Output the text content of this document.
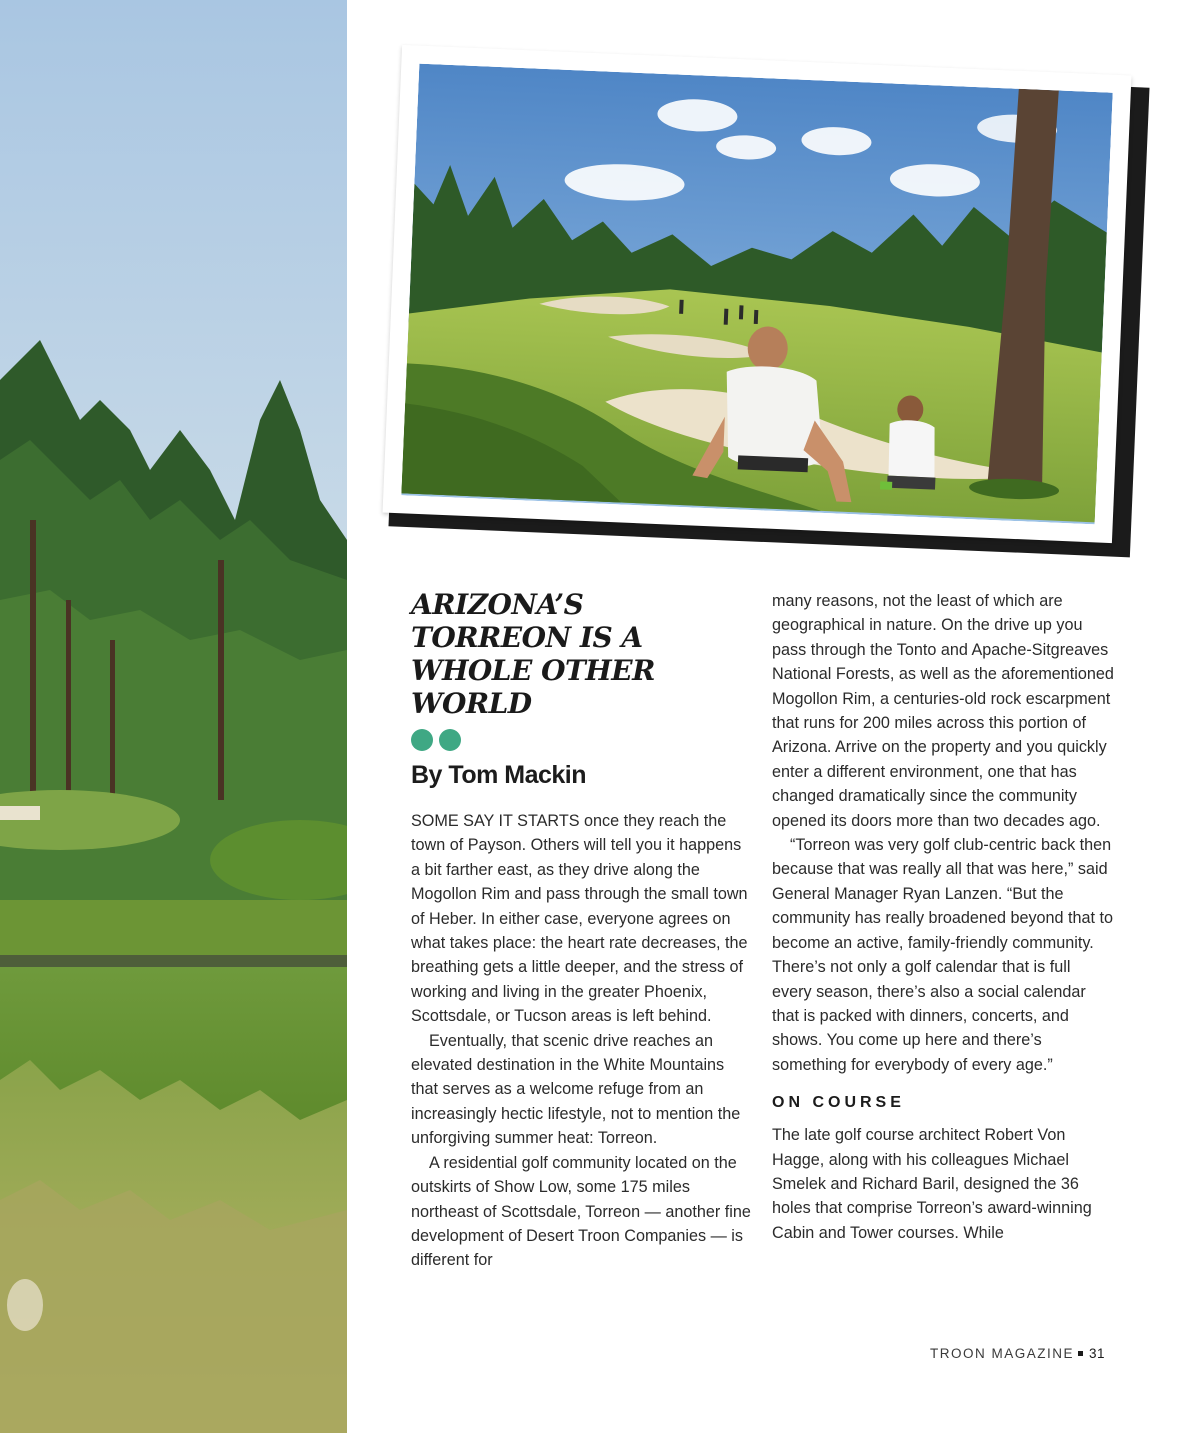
ARIZONA’S TORREON IS A WHOLE OTHER WORLD

By Tom Mackin

SOME SAY IT STARTS once they reach the town of Payson. Others will tell you it happens a bit farther east, as they drive along the Mogollon Rim and pass through the small town of Heber. In either case, everyone agrees on what takes place: the heart rate decreases, the breathing gets a little deeper, and the stress of working and living in the greater Phoenix, Scottsdale, or Tucson areas is left behind.

Eventually, that scenic drive reaches an elevated destination in the White Mountains that serves as a welcome refuge from an increasingly hectic lifestyle, not to mention the unforgiving summer heat: Torreon.

A residential golf community located on the outskirts of Show Low, some 175 miles northeast of Scottsdale, Torreon — another fine development of Desert Troon Companies — is different for

many reasons, not the least of which are geographical in nature. On the drive up you pass through the Tonto and Apache-Sitgreaves National Forests, as well as the aforementioned Mogollon Rim, a centuries-old rock escarpment that runs for 200 miles across this portion of Arizona. Arrive on the property and you quickly enter a different environment, one that has changed dramatically since the community opened its doors more than two decades ago.

“Torreon was very golf club-centric back then because that was really all that was here,” said General Manager Ryan Lanzen. “But the community has really broadened beyond that to become an active, family-friendly community. There’s not only a golf calendar that is full every season, there’s also a social calendar that is packed with dinners, concerts, and shows. You come up here and there’s something for everybody of every age.”

ON COURSE

The late golf course architect Robert Von Hagge, along with his colleagues Michael Smelek and Richard Baril, designed the 36 holes that comprise Torreon’s award-winning Cabin and Tower courses. While

TROON MAGAZINE 31
